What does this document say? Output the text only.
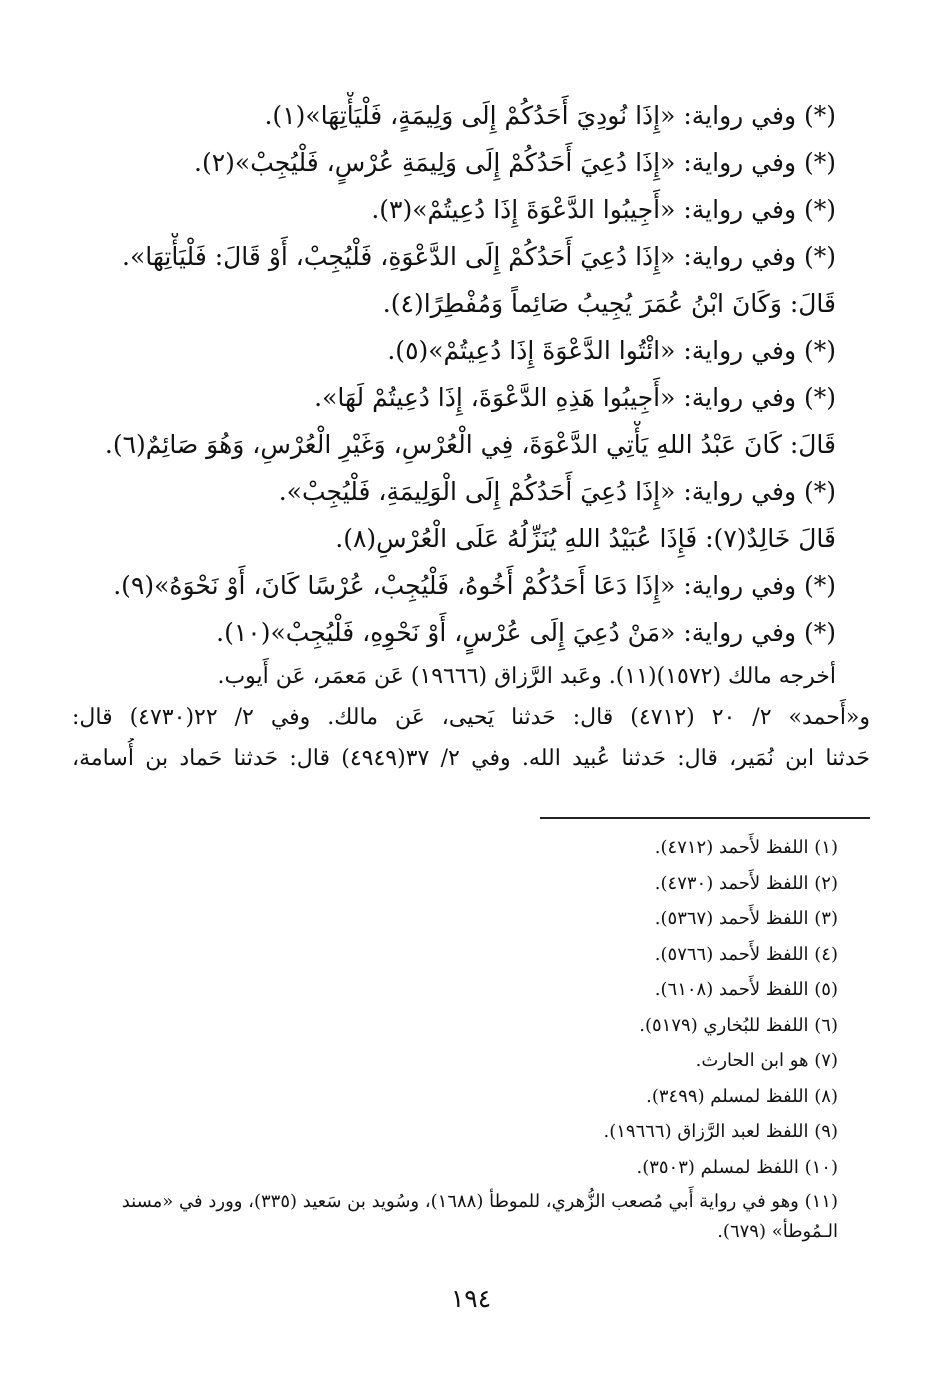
(*) وفي رواية: «إِذَا نُودِيَ أَحَدُكُمْ إِلَى وَلِيمَةٍ، فَلْيَأْتِهَا»(١).
(*) وفي رواية: «إِذَا دُعِيَ أَحَدُكُمْ إِلَى وَلِيمَةِ عُرْسٍ، فَلْيُجِبْ»(٢).
(*) وفي رواية: «أَجِيبُوا الدَّعْوَةَ إِذَا دُعِيتُمْ»(٣).
(*) وفي رواية: «إِذَا دُعِيَ أَحَدُكُمْ إِلَى الدَّعْوَةِ، فَلْيُجِبْ، أَوْ قَالَ: فَلْيَأْتِهَا».
قَالَ: وَكَانَ ابْنُ عُمَرَ يُجِيبُ صَائِماً وَمُفْطِرًا(٤).
(*) وفي رواية: «ائْتُوا الدَّعْوَةَ إِذَا دُعِيتُمْ»(٥).
(*) وفي رواية: «أَجِيبُوا هَذِهِ الدَّعْوَةَ، إِذَا دُعِيتُمْ لَهَا».
قَالَ: كَانَ عَبْدُ اللهِ يَأْتِي الدَّعْوَةَ، فِي الْعُرْسِ، وَغَيْرِ الْعُرْسِ، وَهُوَ صَائِمٌ(٦).
(*) وفي رواية: «إِذَا دُعِيَ أَحَدُكُمْ إِلَى الْوَلِيمَةِ، فَلْيُجِبْ».
قَالَ خَالِدٌ(٧): فَإِذَا عُبَيْدُ اللهِ يُنَزِّلُهُ عَلَى الْعُرْسِ(٨).
(*) وفي رواية: «إِذَا دَعَا أَحَدُكُمْ أَخُوهُ، فَلْيُجِبْ، عُرْسًا كَانَ، أَوْ نَحْوَهُ»(٩).
(*) وفي رواية: «مَنْ دُعِيَ إِلَى عُرْسٍ، أَوْ نَحْوِهِ، فَلْيُجِبْ»(١٠).
أخرجه مالك (١٥٧٢)(١١). وعَبد الرَّزاق (١٩٦٦٦) عَن مَعمَر، عَن أَيوب.
و«أَحمد» ٢/ ٢٠ (٤٧١٢) قال: حَدثنا يَحيى، عَن مالك. وفي ٢/ ٢٢(٤٧٣٠) قال:
حَدثنا ابن نُمَير، قال: حَدثنا عُبيد الله. وفي ٢/ ٣٧(٤٩٤٩) قال: حَدثنا حَماد بن أُسامة،
(١) اللفظ لأَحمد (٤٧١٢).
(٢) اللفظ لأَحمد (٤٧٣٠).
(٣) اللفظ لأَحمد (٥٣٦٧).
(٤) اللفظ لأَحمد (٥٧٦٦).
(٥) اللفظ لأَحمد (٦١٠٨).
(٦) اللفظ للبُخاري (٥١٧٩).
(٧) هو ابن الحارث.
(٨) اللفظ لمسلم (٣٤٩٩).
(٩) اللفظ لعبد الرَّزاق (١٩٦٦٦).
(١٠) اللفظ لمسلم (٣٥٠٣).
(١١) وهو في رواية أَبي مُصعب الزُّهري، للموطأ (١٦٨٨)، وسُويد بن سَعيد (٣٣٥)، وورد في «مسند الـمُوطأ» (٦٧٩).
١٩٤
